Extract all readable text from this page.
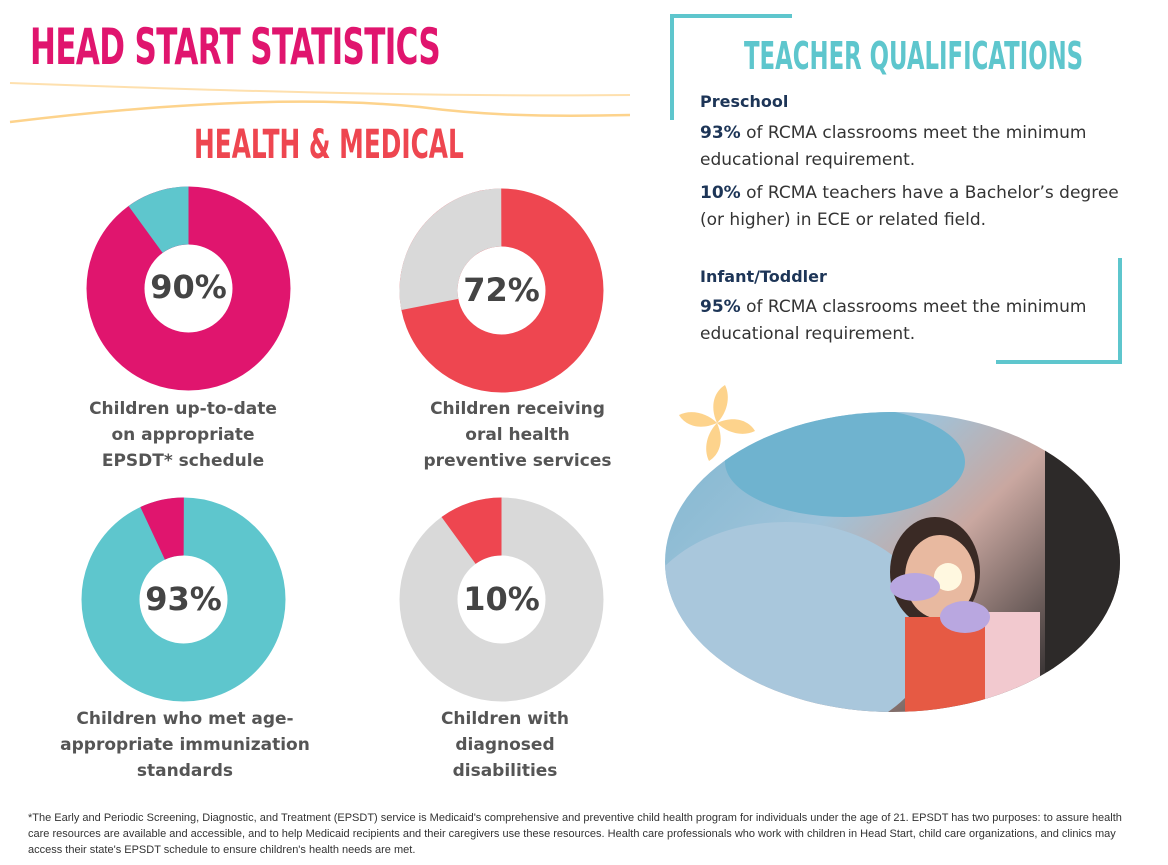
HEAD START STATISTICS
HEALTH & MEDICAL
90%
Children up-to-date
on appropriate
EPSDT* schedule
72%
Children receiving
oral health
preventive services
93%
Children who met age-
appropriate immunization
standards
10%
Children with
diagnosed
disabilities
TEACHER QUALIFICATIONS
Preschool
93% of RCMA classrooms meet the minimum educational requirement.
10% of RCMA teachers have a Bachelor’s degree (or higher) in ECE or related field.
Infant/Toddler
95% of RCMA classrooms meet the minimum educational requirement.
*The Early and Periodic Screening, Diagnostic, and Treatment (EPSDT) service is Medicaid's comprehensive and preventive child health program for individuals under the age of 21. EPSDT has two purposes: to assure health care resources are available and accessible, and to help Medicaid recipients and their caregivers use these resources. Health care professionals who work with children in Head Start, child care organizations, and clinics may access their state's EPSDT schedule to ensure children's health needs are met.
